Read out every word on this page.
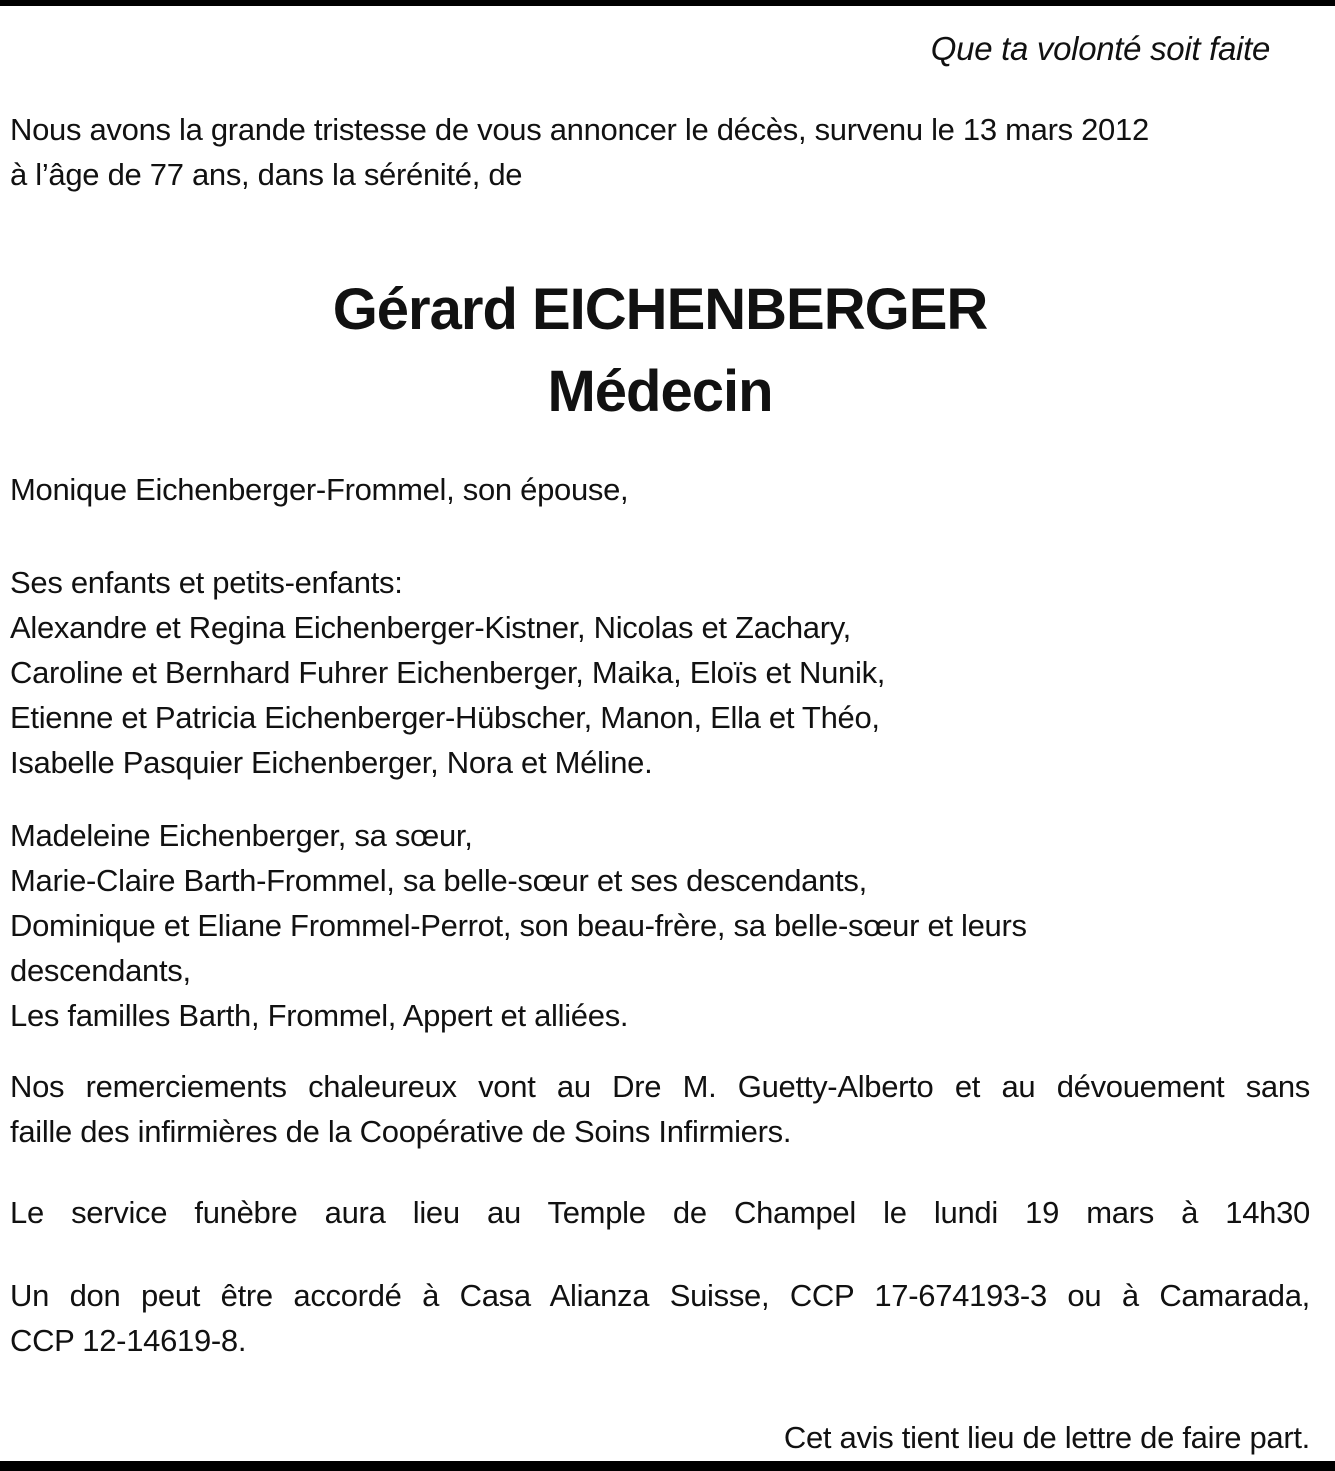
Que ta volonté soit faite
Nous avons la grande tristesse de vous annoncer le décès, survenu le 13 mars 2012
à l’âge de 77 ans, dans la sérénité, de
Gérard EICHENBERGER
Médecin
Monique Eichenberger-Frommel, son épouse,
Ses enfants et petits-enfants:
Alexandre et Regina Eichenberger-Kistner, Nicolas et Zachary,
Caroline et Bernhard Fuhrer Eichenberger, Maika, Eloïs et Nunik,
Etienne et Patricia Eichenberger-Hübscher, Manon, Ella et Théo,
Isabelle Pasquier Eichenberger, Nora et Méline.
Madeleine Eichenberger, sa sœur,
Marie-Claire Barth-Frommel, sa belle-sœur et ses descendants,
Dominique et Eliane Frommel-Perrot, son beau-frère, sa belle-sœur et leurs
descendants,
Les familles Barth, Frommel, Appert et alliées.
Nos remerciements chaleureux vont au Dre M. Guetty-Alberto et au dévouement sans
faille des infirmières de la Coopérative de Soins Infirmiers.
Le service funèbre aura lieu au Temple de Champel le lundi 19 mars à 14h30
Un don peut être accordé à Casa Alianza Suisse, CCP 17-674193-3 ou à Camarada,
CCP 12-14619-8.
Cet avis tient lieu de lettre de faire part.
